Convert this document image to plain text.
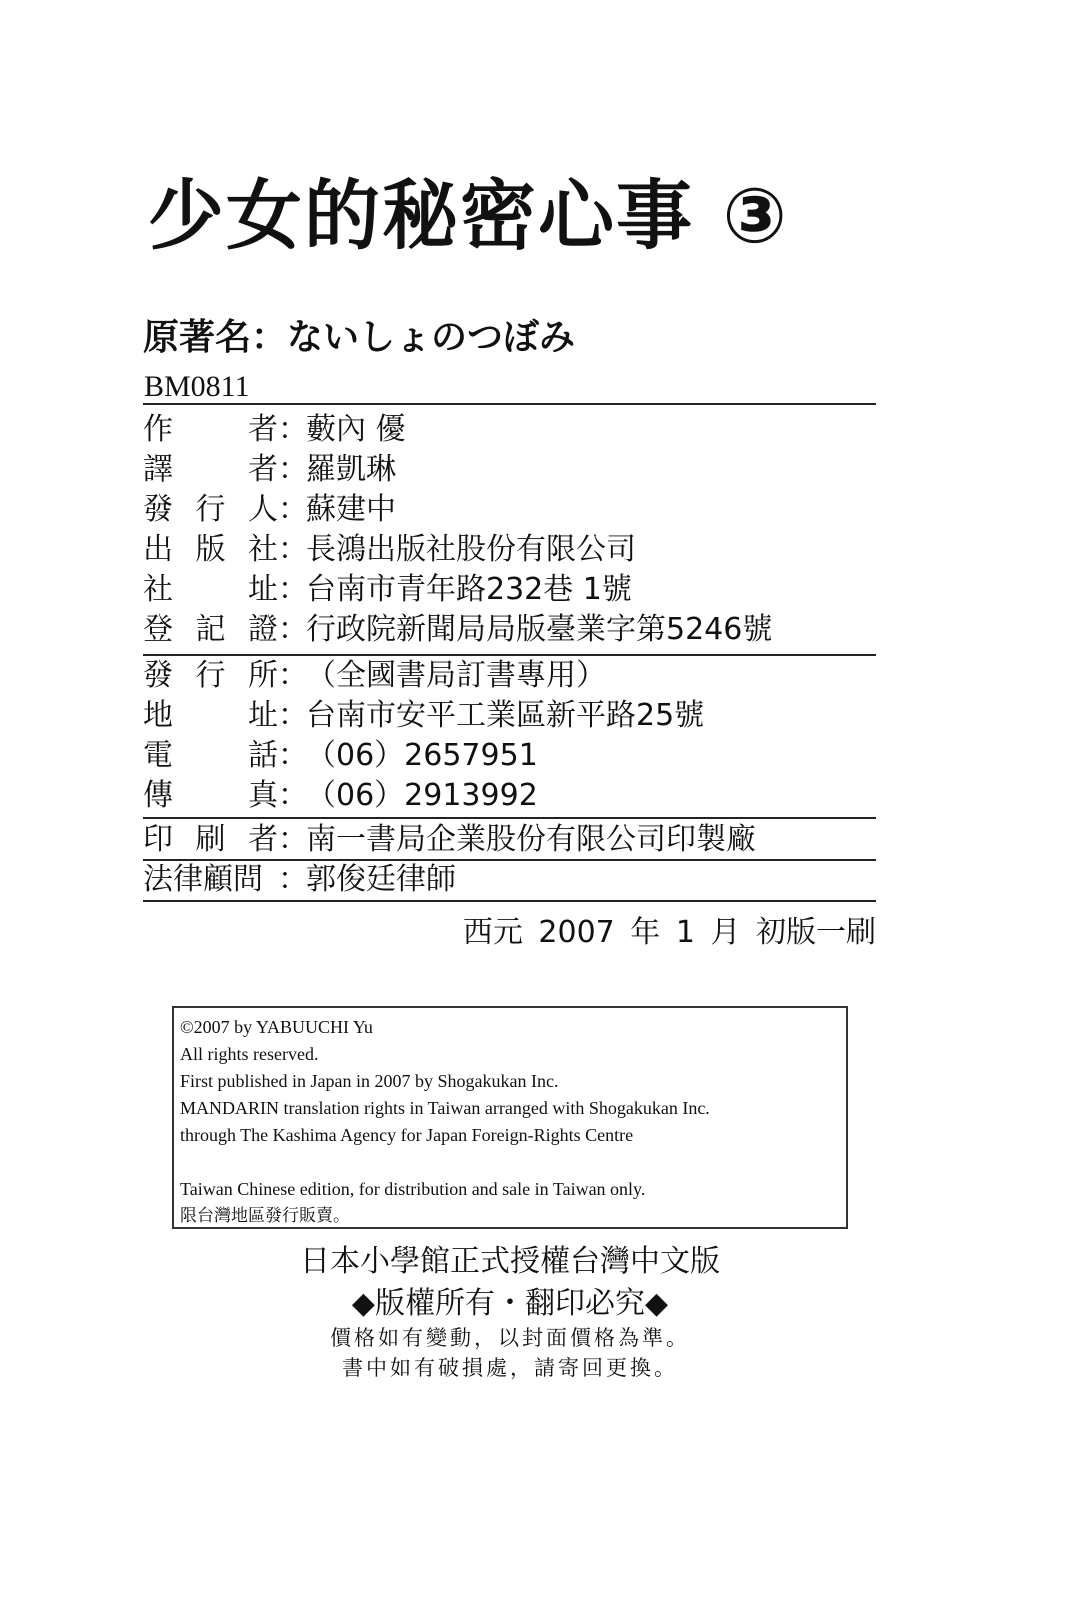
少女的秘密心事 ③
原著名：ないしょのつぼみ
BM0811
作	者 ：
藪內 優
譯	者 ：
羅凱琳
發 行 人 ：
蘇建中
出 版 社 ：
長鴻出版社股份有限公司
社	址 ：
台南市青年路232巷 1號
登 記 證 ：
行政院新聞局局版臺業字第5246號
發 行 所 ：
（全國書局訂書專用）
地	址 ：
台南市安平工業區新平路25號
電	話 ：
（06）2657951
傳	真 ：
（06）2913992
印 刷 者 ：
南一書局企業股份有限公司印製廠
法律顧問 ：
郭俊廷律師
西元 2007 年 1 月 初版一刷
©2007 by YABUUCHI Yu
All rights reserved.
First published in Japan in 2007 by Shogakukan Inc.
MANDARIN translation rights in Taiwan arranged with Shogakukan Inc.
through The Kashima Agency for Japan Foreign-Rights Centre
Taiwan Chinese edition, for distribution and sale in Taiwan only.
限台灣地區發行販賣。
日本小學館正式授權台灣中文版
◆版權所有・翻印必究◆
價格如有變動，以封面價格為準。
書中如有破損處，請寄回更換。
